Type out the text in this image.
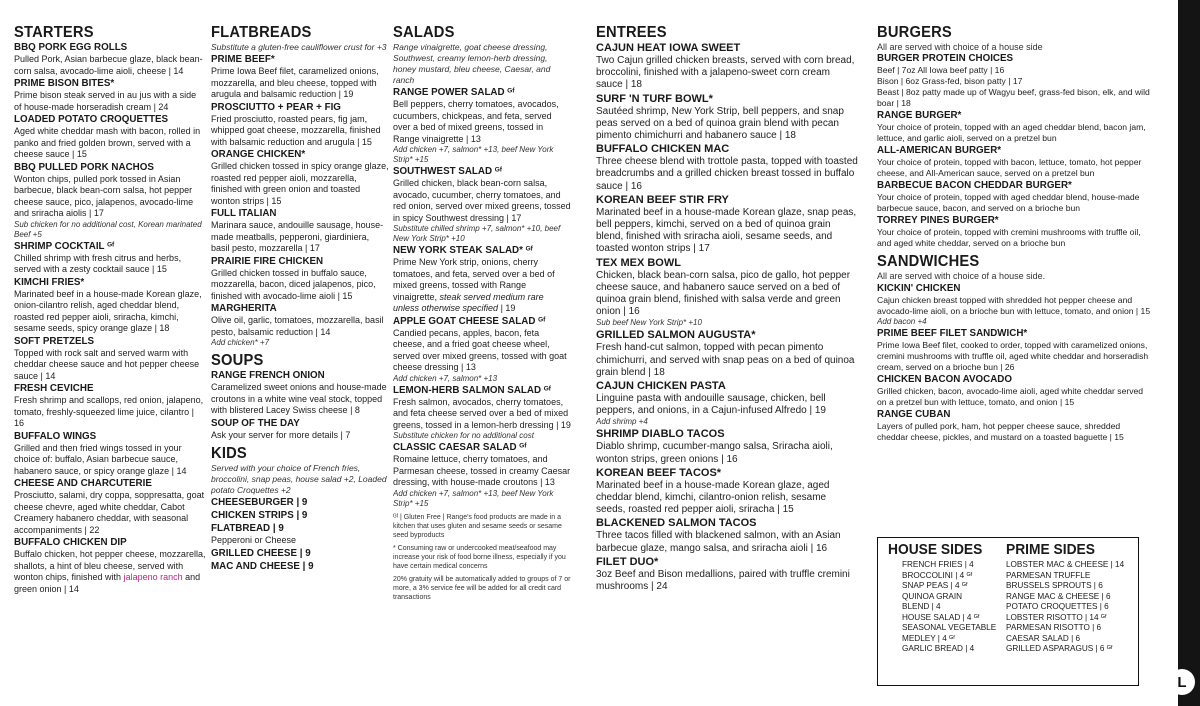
STARTERS
BBQ PORK EGG ROLLS
Pulled Pork, Asian barbecue glaze, black bean-corn salsa, avocado-lime aioli, cheese | 14
PRIME BISON BITES*
Prime bison steak served in au jus with a side of house-made horseradish cream | 24
LOADED POTATO CROQUETTES
Aged white cheddar mash with bacon, rolled in panko and fried golden brown, served with a cheese sauce | 15
BBQ PULLED PORK NACHOS
Wonton chips, pulled pork tossed in Asian barbecue, black bean-corn salsa, hot pepper cheese sauce, pico, jalapenos, avocado-lime and sriracha aiolis | 17
Sub chicken for no additional cost, Korean marinated Beef +5
SHRIMP COCKTAIL ᴳᶠ
Chilled shrimp with fresh citrus and herbs, served with a zesty cocktail sauce | 15
KIMCHI FRIES*
Marinated beef in a house-made Korean glaze, onion-cilantro relish, aged cheddar blend, roasted red pepper aioli, sriracha, kimchi, sesame seeds, spicy orange glaze | 18
SOFT PRETZELS
Topped with rock salt and served warm with cheddar cheese sauce and hot pepper cheese sauce | 14
FRESH CEVICHE
Fresh shrimp and scallops, red onion, jalapeno, tomato, freshly-squeezed lime juice, cilantro | 16
BUFFALO WINGS
Grilled and then fried wings tossed in your choice of: buffalo, Asian barbecue sauce, habanero sauce, or spicy orange glaze | 14
CHEESE AND CHARCUTERIE
Prosciutto, salami, dry coppa, soppresatta, goat cheese chevre, aged white cheddar, Cabot Creamery habanero cheddar, with seasonal accompaniments | 22
BUFFALO CHICKEN DIP
Buffalo chicken, hot pepper cheese, mozzarella, shallots, a hint of bleu cheese, served with wonton chips, finished with jalapeno ranch and green onion | 14
FLATBREADS
Substitute a gluten-free cauliflower crust for +3
PRIME BEEF*
Prime Iowa Beef filet, caramelized onions, mozzarella, and bleu cheese, topped with arugula and balsamic reduction | 19
PROSCIUTTO + PEAR + FIG
Fried prosciutto, roasted pears, fig jam, whipped goat cheese, mozzarella, finished with balsamic reduction and arugula | 15
ORANGE CHICKEN*
Grilled chicken tossed in spicy orange glaze, roasted red pepper aioli, mozzarella, finished with green onion and toasted wonton strips | 15
FULL ITALIAN
Marinara sauce, andouille sausage, house-made meatballs, pepperoni, giardiniera, basil pesto, mozzarella | 17
PRAIRIE FIRE CHICKEN
Grilled chicken tossed in buffalo sauce, mozzarella, bacon, diced jalapenos, pico, finished with avocado-lime aioli | 15
MARGHERITA
Olive oil, garlic, tomatoes, mozzarella, basil pesto, balsamic reduction | 14
Add chicken* +7
SOUPS
RANGE FRENCH ONION
Caramelized sweet onions and house-made croutons in a white wine veal stock, topped with blistered Lacey Swiss cheese | 8
SOUP OF THE DAY
Ask your server for more details | 7
KIDS
Served with your choice of French fries, broccolini, snap peas, house salad +2, Loaded potato Croquettes +2
CHEESEBURGER | 9
CHICKEN STRIPS | 9
FLATBREAD | 9
Pepperoni or Cheese
GRILLED CHEESE | 9
MAC AND CHEESE | 9
SALADS
Range vinaigrette, goat cheese dressing, Southwest, creamy lemon-herb dressing, honey mustard, bleu cheese, Caesar, and ranch
RANGE POWER SALAD ᴳᶠ
Bell peppers, cherry tomatoes, avocados, cucumbers, chickpeas, and feta, served over a bed of mixed greens, tossed in Range vinaigrette | 13
Add chicken +7, salmon* +13, beef New York Strip* +15
SOUTHWEST SALAD ᴳᶠ
Grilled chicken, black bean-corn salsa, avocado, cucumber, cherry tomatoes, and red onion, served over mixed greens, tossed in spicy Southwest dressing | 17
Substitute chilled shrimp +7, salmon* +10, beef New York Strip* +10
NEW YORK STEAK SALAD* ᴳᶠ
Prime New York strip, onions, cherry tomatoes, and feta, served over a bed of mixed greens, tossed with Range vinaigrette, steak served medium rare unless otherwise specified | 19
APPLE GOAT CHEESE SALAD ᴳᶠ
Candied pecans, apples, bacon, feta cheese, and a fried goat cheese wheel, served over mixed greens, tossed with goat cheese dressing | 13
Add chicken +7, salmon* +13
LEMON-HERB SALMON SALAD ᴳᶠ
Fresh salmon, avocados, cherry tomatoes, and feta cheese served over a bed of mixed greens, tossed in a lemon-herb dressing | 19
Substitute chicken for no additional cost
CLASSIC CAESAR SALAD ᴳᶠ
Romaine lettuce, cherry tomatoes, and Parmesan cheese, tossed in creamy Caesar dressing, with house-made croutons | 13
Add chicken +7, salmon* +13, beef New York Strip* +15
ᴳᶠ | Gluten Free | Range's food products are made in a kitchen that uses gluten and sesame seeds or sesame seed byproducts
* Consuming raw or undercooked meat/seafood may increase your risk of food borne illness, especially if you have certain medical concerns
20% gratuity will be automatically added to groups of 7 or more, a 3% service fee will be added for all credit card transactions
ENTREES
CAJUN HEAT IOWA SWEET
Two Cajun grilled chicken breasts, served with corn bread, broccolini, finished with a jalapeno-sweet corn cream sauce | 18
SURF 'N TURF BOWL*
Sautéed shrimp, New York Strip, bell peppers, and snap peas served on a bed of quinoa grain blend with pecan pimento chimichurri and habanero sauce | 18
BUFFALO CHICKEN MAC
Three cheese blend with trottole pasta, topped with toasted breadcrumbs and a grilled chicken breast tossed in buffalo sauce | 16
KOREAN BEEF STIR FRY
Marinated beef in a house-made Korean glaze, snap peas, bell peppers, kimchi, served on a bed of quinoa grain blend, finished with sriracha aioli, sesame seeds, and toasted wonton strips | 17
TEX MEX BOWL
Chicken, black bean-corn salsa, pico de gallo, hot pepper cheese sauce, and habanero sauce served on a bed of quinoa grain blend, finished with salsa verde and green onion | 16
Sub beef New York Strip* +10
GRILLED SALMON AUGUSTA*
Fresh hand-cut salmon, topped with pecan pimento chimichurri, and served with snap peas on a bed of quinoa grain blend | 18
CAJUN CHICKEN PASTA
Linguine pasta with andouille sausage, chicken, bell peppers, and onions, in a Cajun-infused Alfredo | 19
Add shrimp +4
SHRIMP DIABLO TACOS
Diablo shrimp, cucumber-mango salsa, Sriracha aioli, wonton strips, green onions | 16
KOREAN BEEF TACOS*
Marinated beef in a house-made Korean glaze, aged cheddar blend, kimchi, cilantro-onion relish, sesame seeds, roasted red pepper aioli, sriracha | 15
BLACKENED SALMON TACOS
Three tacos filled with blackened salmon, with an Asian barbecue glaze, mango salsa, and sriracha aioli | 16
FILET DUO*
3oz Beef and Bison medallions, paired with truffle cremini mushrooms | 24
BURGERS
All are served with choice of a house side
BURGER PROTEIN CHOICES
Beef | 7oz All Iowa beef patty | 16
Bison | 6oz Grass-fed, bison patty | 17
Beast | 8oz patty made up of Wagyu beef, grass-fed bison, elk, and wild boar | 18
RANGE BURGER*
Your choice of protein, topped with an aged cheddar blend, bacon jam, lettuce, and garlic aioli, served on a pretzel bun
ALL-AMERICAN BURGER*
Your choice of protein, topped with bacon, lettuce, tomato, hot pepper cheese, and All-American sauce, served on a pretzel bun
BARBECUE BACON CHEDDAR BURGER*
Your choice of protein, topped with aged cheddar blend, house-made barbecue sauce, bacon, and served on a brioche bun
TORREY PINES BURGER*
Your choice of protein, topped with cremini mushrooms with truffle oil, and aged white cheddar, served on a brioche bun
SANDWICHES
All are served with choice of a house side.
KICKIN' CHICKEN
Cajun chicken breast topped with shredded hot pepper cheese and avocado-lime aioli, on a brioche bun with lettuce, tomato, and onion | 15
Add bacon +4
PRIME BEEF FILET SANDWICH*
Prime Iowa Beef filet, cooked to order, topped with caramelized onions, cremini mushrooms with truffle oil, aged white cheddar and horseradish cream, served on a brioche bun | 26
CHICKEN BACON AVOCADO
Grilled chicken, bacon, avocado-lime aioli, aged white cheddar served on a pretzel bun with lettuce, tomato, and onion | 15
RANGE CUBAN
Layers of pulled pork, ham, hot pepper cheese sauce, shredded cheddar cheese, pickles, and mustard on a toasted baguette | 15
HOUSE SIDES
FRENCH FRIES | 4
BROCCOLINI | 4 ᴳᶠ
SNAP PEAS | 4 ᴳᶠ
QUINOA GRAIN
BLEND | 4
HOUSE SALAD | 4 ᴳᶠ
SEASONAL VEGETABLE
MEDLEY | 4 ᴳᶠ
GARLIC BREAD | 4
PRIME SIDES
LOBSTER MAC & CHEESE | 14
PARMESAN TRUFFLE
BRUSSELS SPROUTS | 6
RANGE MAC & CHEESE | 6
POTATO CROQUETTES | 6
LOBSTER RISOTTO | 14 ᴳᶠ
PARMESAN RISOTTO | 6
CAESAR SALAD | 6
GRILLED ASPARAGUS | 6 ᴳᶠ
L
